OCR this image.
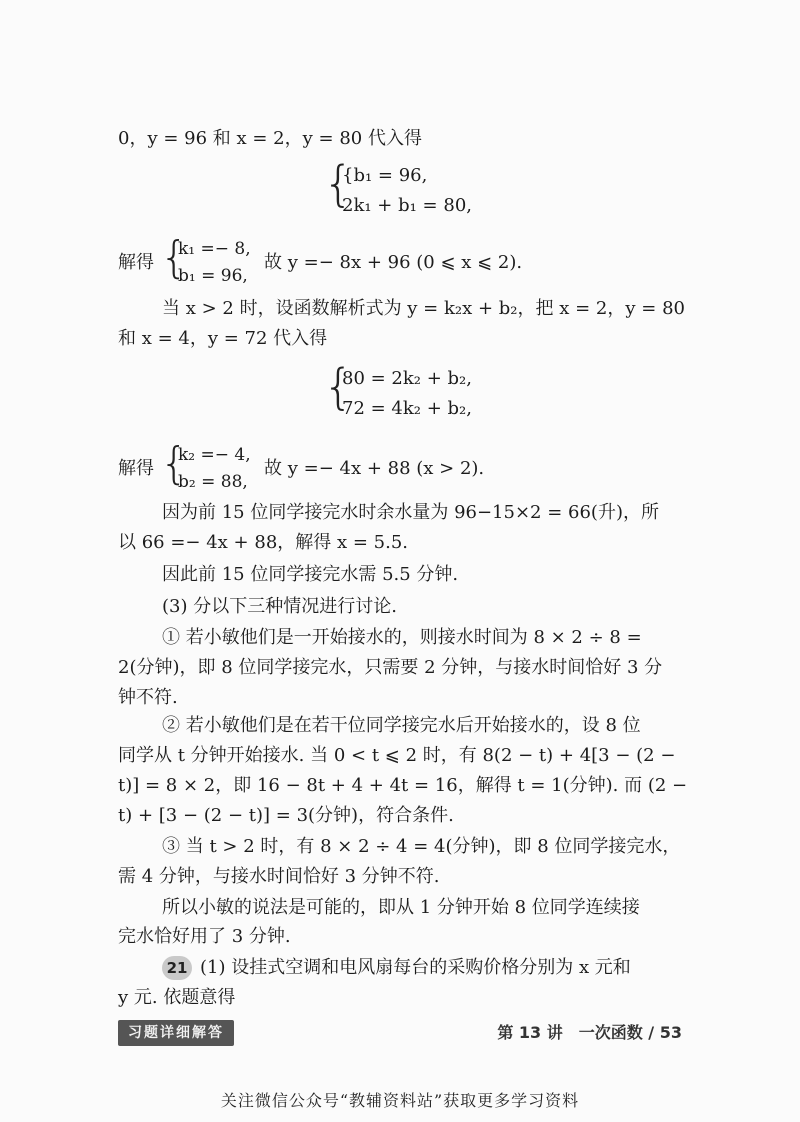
0，y = 96 和 x = 2，y = 80 代入得
{
{b₁ = 96,
2k₁ + b₁ = 80,
解得 {
k₁ =− 8,
b₁ = 96,
故 y =− 8x + 96 (0 ⩽ x ⩽ 2).
当 x > 2 时，设函数解析式为 y = k₂x + b₂，把 x = 2，y = 80
和 x = 4，y = 72 代入得
{
80 = 2k₂ + b₂,
72 = 4k₂ + b₂,
解得 {
k₂ =− 4,
b₂ = 88,
故 y =− 4x + 88 (x > 2).
因为前 15 位同学接完水时余水量为 96−15×2 = 66(升)，所
以 66 =− 4x + 88，解得 x = 5.5.
因此前 15 位同学接完水需 5.5 分钟.
(3) 分以下三种情况进行讨论.
① 若小敏他们是一开始接水的，则接水时间为 8 × 2 ÷ 8 =
2(分钟)，即 8 位同学接完水，只需要 2 分钟，与接水时间恰好 3 分
钟不符.
② 若小敏他们是在若干位同学接完水后开始接水的，设 8 位
同学从 t 分钟开始接水. 当 0 < t ⩽ 2 时，有 8(2 − t) + 4[3 − (2 −
t)] = 8 × 2，即 16 − 8t + 4 + 4t = 16，解得 t = 1(分钟). 而 (2 −
t) + [3 − (2 − t)] = 3(分钟)，符合条件.
③ 当 t > 2 时，有 8 × 2 ÷ 4 = 4(分钟)，即 8 位同学接完水，
需 4 分钟，与接水时间恰好 3 分钟不符.
所以小敏的说法是可能的，即从 1 分钟开始 8 位同学连续接
完水恰好用了 3 分钟.
21 (1) 设挂式空调和电风扇每台的采购价格分别为 x 元和
y 元. 依题意得
习题详细解答	第 13 讲　一次函数 / 53
关注微信公众号“教辅资料站”获取更多学习资料
